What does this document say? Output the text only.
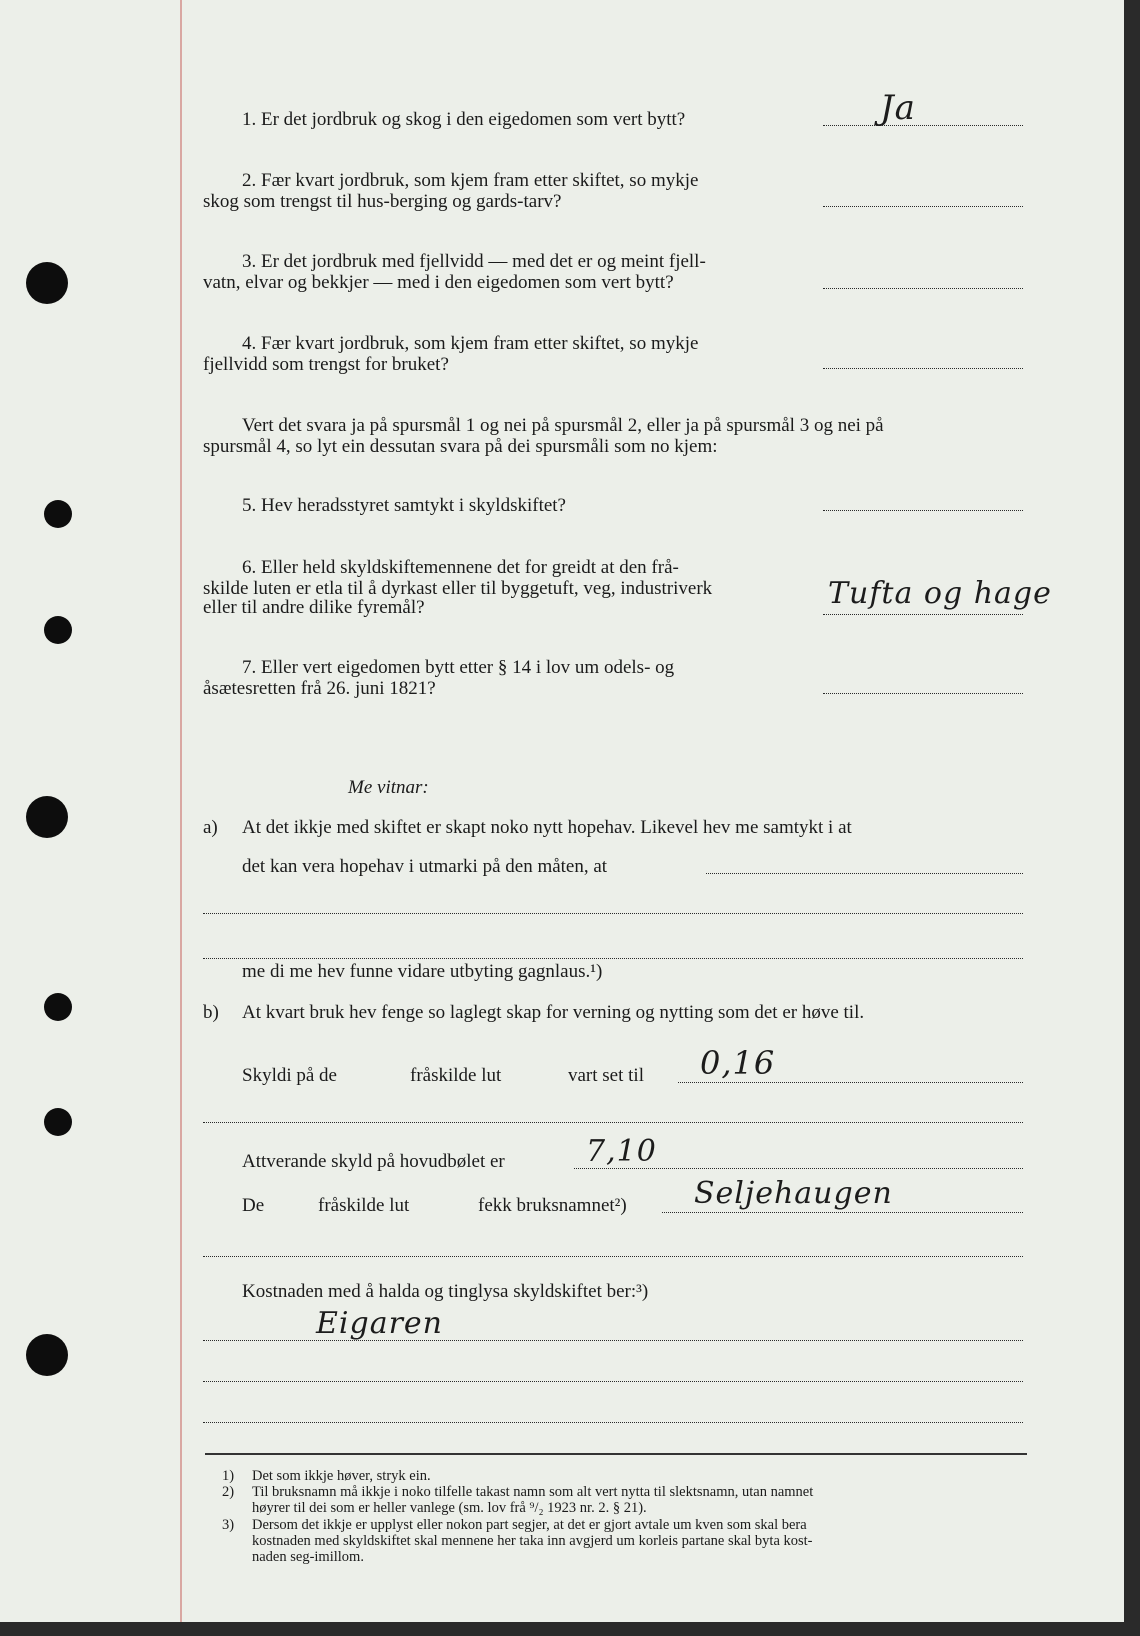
1. Er det jordbruk og skog i den eigedomen som vert bytt?	Ja
2. Fær kvart jordbruk, som kjem fram etter skiftet, so mykje
skog som trengst til hus-berging og gards-tarv?
3. Er det jordbruk med fjellvidd — med det er og meint fjell-
vatn, elvar og bekkjer — med i den eigedomen som vert bytt?
4. Fær kvart jordbruk, som kjem fram etter skiftet, so mykje
fjellvidd som trengst for bruket?
Vert det svara ja på spursmål 1 og nei på spursmål 2, eller ja på spursmål 3 og nei på
spursmål 4, so lyt ein dessutan svara på dei spursmåli som no kjem:
5. Hev heradsstyret samtykt i skyldskiftet?
6. Eller held skyldskiftemennene det for greidt at den frå-
skilde luten er etla til å dyrkast eller til byggetuft, veg, industriverk
eller til andre dilike fyremål?	Tufta og hage
7. Eller vert eigedomen bytt etter § 14 i lov um odels- og
åsætesretten frå 26. juni 1821?
Me vitnar:
a) At det ikkje med skiftet er skapt noko nytt hopehav. Likevel hev me samtykt i at
det kan vera hopehav i utmarki på den måten, at
me di me hev funne vidare utbyting gagnlaus.¹)
b) At kvart bruk hev fenge so laglegt skap for verning og nytting som det er høve til.
Skyldi på de	fråskilde lut	vart set til 0,16
Attverande skyld på hovudbølet er	7,10
De	fråskilde lut	fekk bruksnamnet²) Seljehaugen
Kostnaden med å halda og tinglysa skyldskiftet ber:³)
Eigaren
1) Det som ikkje høver, stryk ein.
2) Til bruksnamn må ikkje i noko tilfelle takast namn som alt vert nytta til slektsnamn, utan namnet
høyrer til dei som er heller vanlege (sm. lov frå ⁹/₂ 1923 nr. 2. § 21).
3) Dersom det ikkje er upplyst eller nokon part segjer, at det er gjort avtale um kven som skal bera
kostnaden med skyldskiftet skal mennene her taka inn avgjerd um korleis partane skal byta kost-
naden seg-imillom.
